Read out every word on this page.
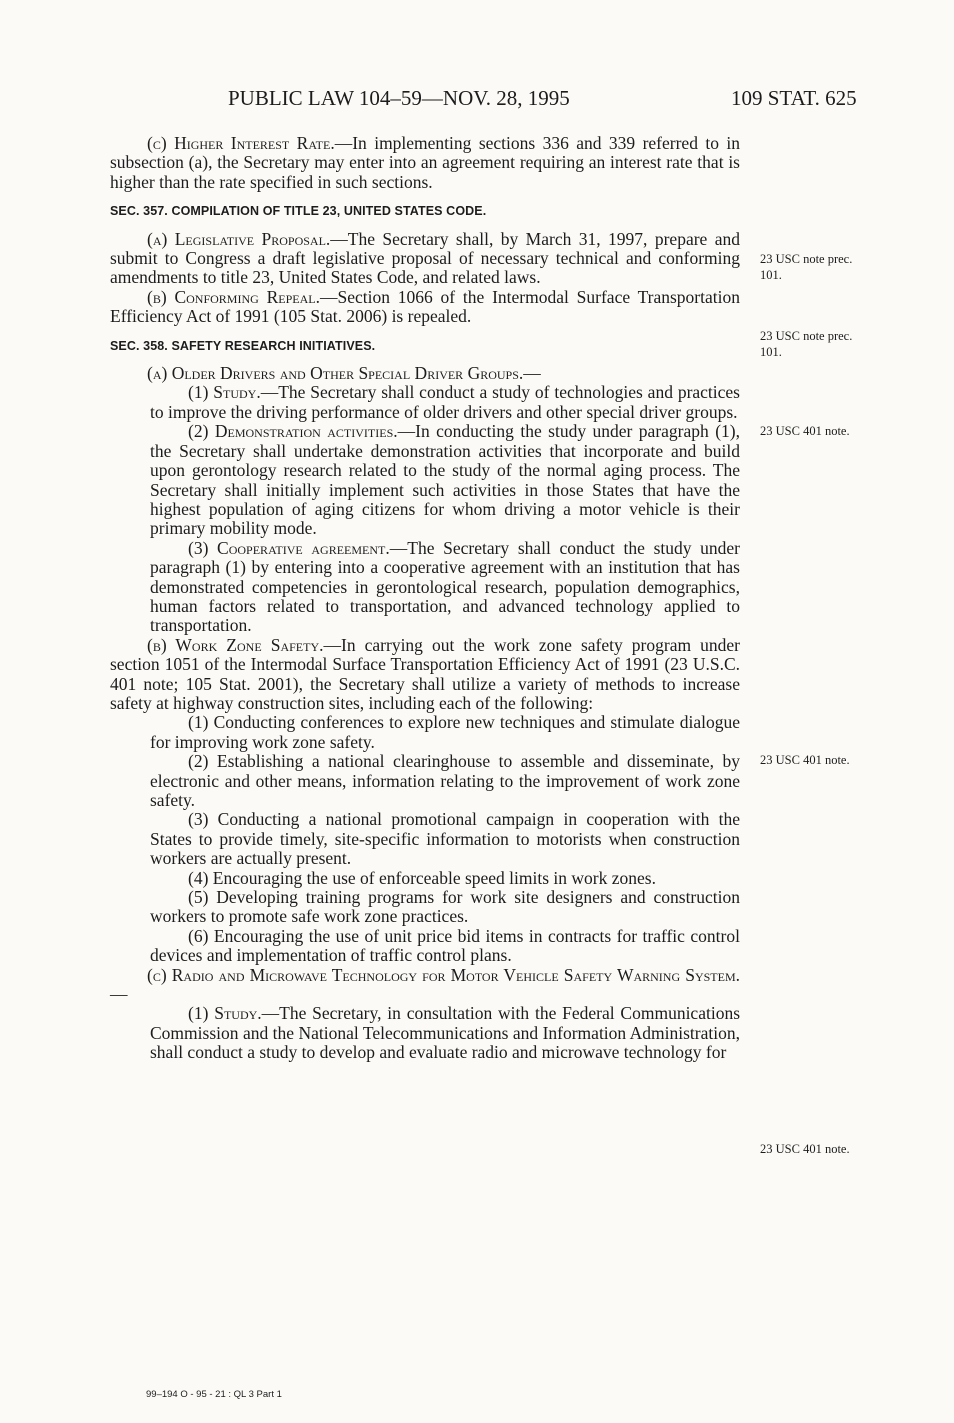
PUBLIC LAW 104–59—NOV. 28, 1995	109 STAT. 625

(c) Higher Interest Rate.—In implementing sections 336 and 339 referred to in subsection (a), the Secretary may enter into an agreement requiring an interest rate that is higher than the rate specified in such sections.

SEC. 357. COMPILATION OF TITLE 23, UNITED STATES CODE.

(a) Legislative Proposal.—The Secretary shall, by March 31, 1997, prepare and submit to Congress a draft legislative proposal of necessary technical and conforming amendments to title 23, United States Code, and related laws.

(b) Conforming Repeal.—Section 1066 of the Intermodal Surface Transportation Efficiency Act of 1991 (105 Stat. 2006) is repealed.

SEC. 358. SAFETY RESEARCH INITIATIVES.

(a) Older Drivers and Other Special Driver Groups.—

(1) Study.—The Secretary shall conduct a study of technologies and practices to improve the driving performance of older drivers and other special driver groups.

(2) Demonstration activities.—In conducting the study under paragraph (1), the Secretary shall undertake demonstration activities that incorporate and build upon gerontology research related to the study of the normal aging process. The Secretary shall initially implement such activities in those States that have the highest population of aging citizens for whom driving a motor vehicle is their primary mobility mode.

(3) Cooperative agreement.—The Secretary shall conduct the study under paragraph (1) by entering into a cooperative agreement with an institution that has demonstrated competencies in gerontological research, population demographics, human factors related to transportation, and advanced technology applied to transportation.

(b) Work Zone Safety.—In carrying out the work zone safety program under section 1051 of the Intermodal Surface Transportation Efficiency Act of 1991 (23 U.S.C. 401 note; 105 Stat. 2001), the Secretary shall utilize a variety of methods to increase safety at highway construction sites, including each of the following:

(1) Conducting conferences to explore new techniques and stimulate dialogue for improving work zone safety.

(2) Establishing a national clearinghouse to assemble and disseminate, by electronic and other means, information relating to the improvement of work zone safety.

(3) Conducting a national promotional campaign in cooperation with the States to provide timely, site-specific information to motorists when construction workers are actually present.

(4) Encouraging the use of enforceable speed limits in work zones.

(5) Developing training programs for work site designers and construction workers to promote safe work zone practices.

(6) Encouraging the use of unit price bid items in contracts for traffic control devices and implementation of traffic control plans.

(c) Radio and Microwave Technology for Motor Vehicle Safety Warning System.—

(1) Study.—The Secretary, in consultation with the Federal Communications Commission and the National Telecommunications and Information Administration, shall conduct a study to develop and evaluate radio and microwave technology for

23 USC note prec. 101.
23 USC note prec. 101.
23 USC 401 note.
23 USC 401 note.
23 USC 401 note.
99–194 O - 95 - 21 : QL 3 Part 1
